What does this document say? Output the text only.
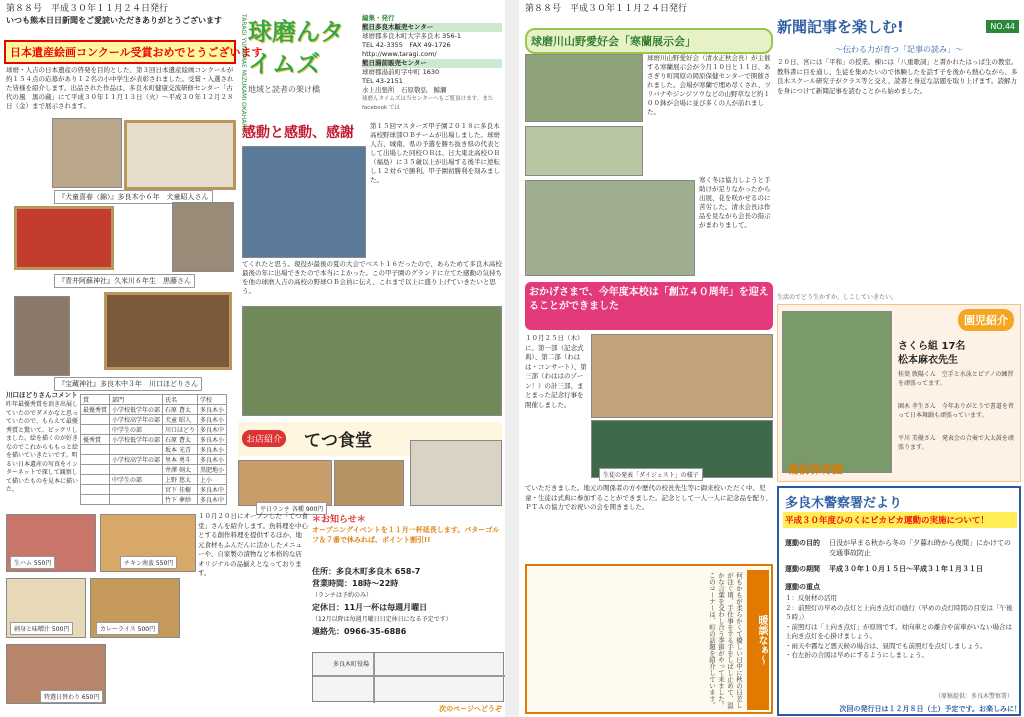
第８８号　平成３０年１１月２４日発行
いつも熊本日日新聞をご愛読いただきありがとうございます
日本遺産絵画コンクール受賞おめでとうございます
球磨・人吉の日本遺産の啓発を目的とした、第３回日本遺産絵画コンクールが約１５４点の応募があり１２名の小中学生が表彰されました。受賞・入選された皆様を紹介します。出品された作品は、多良木町健康交流研修センター「古代の風　黒の蔵」にて平成３０年１１月１３日（火）〜平成３０年１２月２８日（金）まで展示されます。
『犬童喜春（錦）』多良木小６年　犬童昭人さん
『青井阿蘇神社』久米川６年生　黒藤さん
『宝蔵神社』多良木中３年　川口ほどりさん
川口ほどりさんコメント
昨年最優秀賞を頂き出展していたのでダメかなと思っていたので、もらえて最優秀賞と驚いて。ビックリしました。絵を描くのが好きなのでこれからももっと絵を描いていきたいです。明るい日本遺産の写真をインターネットで探して観察して描いたものを見本に描いた。
賞	部門	氏名	学校
最優秀賞	小学校低学年の部	石原 蒼太	多良木小
	小学校高学年の部	犬童 昭人	多良木小
	中学生の部	川口ほどり	多良木中
優秀賞	小学校低学年の部	石原 蒼太	多良木小
		坂本 光青	多良木小
	小学校高学年の部	里本 勇斗	多良木小
		井澤 剣太	黒肥地小
	中学生の部	上野 悠太	上小
		宮下 佳樹	多良木中
		竹下 夢紗	多良木中
TARAGI YUNOMAE MIZUKAMI OKAHARU 球磨んタイムズ
地域と読者の架け橋
編集・発行
熊日多良木販売センター
球磨郡多良木町大字多良木 356-1
TEL 42-3355　FAX 49-1726
http://www.taragi.com/
熊日湯前販売センター
球磨郡湯前町字中町 1630
TEL 43-2151
水上出張所　石原敬弘　鯨瀬
球磨んタイムズは当センターへもご覧頂けます。また facebook では
感動と感動、感謝	第１５回マスターズ甲子園２０１８に多良木高校野球部ＯＢチームが出場しました。球磨人吉、城南、県の予選を勝ち抜き県の代表として出場した同校ＯＢは、日大東北高校ＯＢ（福島）に３５歳以上が出場する後半に逆転し１２対６で勝利。甲子園初勝利を刻みました。
てくれたと思う。現役が最後の夏の大会でベスト１６だったので、あらためて多良木高校最後の年に出場できたので本当によかった。この甲子園のグランドに立てた感動の気持ちを他の球磨人吉の高校の野球ＯＢ会員に伝え、これまで以上に盛り上げていきたいと思う。
お店紹介 てつ食堂
平日ランチ 各種 900円
生ハム 550円	チキン南蛮 550円
刺身と味噌汁 500円	カレーライス 500円
特選日替わり 650円
１０月２０日にオープンした「てつ食堂」さんを紹介します。魚料理を中心とする創作料理を提供するほか、地元食材もふんだんに活かしたメニューや、自家製の漬物など本格的な店オリジナルの品揃えとなっております。
＊お知らせ＊
オープニングイベントを１１月一杯延長します。バターゴルフ＆７番で休みれば、ポイント割引!!
住所：多良木町多良木 658-7
営業時間：18時〜22時
（ランチは予約のみ）
定休日：11月一杯は毎週月曜日
（12月以降は毎週月曜日日定休日になる予定です）
連絡先：0966-35-6886
多良木町役場
次のページへどうぞ
第８８号　平成３０年１１月２４日発行
球磨川山野愛好会「寒蘭展示会」
球磨川山野愛好会（清水正秋会長）が主催する寒蘭展示会が今月１０日と１１日、あさぎり町岡原の岡原保健センターで開催されました。会場が寒蘭で埋め尽くされ、ツリバナやジンジソウなどの山野草など約１００鉢が会場に並び多くの人が訪れました。
寒く冬は協力しようと手助けが足りなかったから出展、花を咲かせるのに苦労した。清水会長は作品を見ながら会長の指示がまわりまして。
新聞記事を楽しむ!	NO.44
〜伝わる力が育つ「記事の読み」〜
２０日、宮には「平和」の授業。棟には「八重歌詞」と書かれたはっぱ生の教室。教科書に目を通し、生徒を集めたいので体験したを話す子を後から熱心ながら、多良木スクール研究子がクラス等と交え、読書と身近な話題を取り上げます。読解力を身につけて新聞記事を読むことから始めました。
生活のでどう生かすか、しこしていきたい。
おかげさまで、今年度本校は「創立４０周年」を迎えることができました
１０月２５日（木）に、第一部（記念式典）、第二部（わはは・コンサート）、第三部（わははのゾーン！）の計三部、まとまった記念行事を開催しました。
生徒の発表「ダイジェスト」の様子
ていただきました。地元の関係者の方や歴代の校長先生等に御来校いただく中、児童・生徒は式典に参加することができました。記念として一人一人に記念品を配り、ＰＴＡの協力でお祝いの会を開きました。
園児紹介
さくら組 17名
松本麻衣先生
桂葉 敦陽くん　空手と水泳とピアノの練習を頑張ってます。
園木 孝生さん　今年ありがとうで書道を習って日本舞踊も頑張っています。
平川 美優さん　発表会の合奏で大太鼓を頑張ります。
湯前保育園
暖談なぁ〜
何もかもが柔らかくて優しい日中に秋の日差しが注ぐ頃、手仕事をする手をしばし止めて、温かな言葉を交わし合う季節がやって来ました。このコーナーは、町の話題を紹介しています。
多良木警察署だより
平成３０年度ひのくにピカピカ運動の実施について！
運動の目的 日没が早まる秋から冬の「夕暮れ時から夜間」にかけての交通事故防止
運動の期間 平成３０年１０月１５日〜平成３１年１月３１日
運動の重点
１：反射材の活用
２：前照灯の早めの点灯と上向き点灯の励行（早めの点灯時間の目安は「午後５時」）
・前照灯は「上向き点灯」が原則です。対向車との離合や前車がいない場合は上向き点灯を心掛けましょう。
・雨天や霧など悪天候の場合は、昼間でも前照灯を点灯しましょう。
・右左折の合図は早めにするようにしましょう。
（原稿提供：多良木警察署）
次回の発行日は１２月８日（土）予定です。お楽しみに！
